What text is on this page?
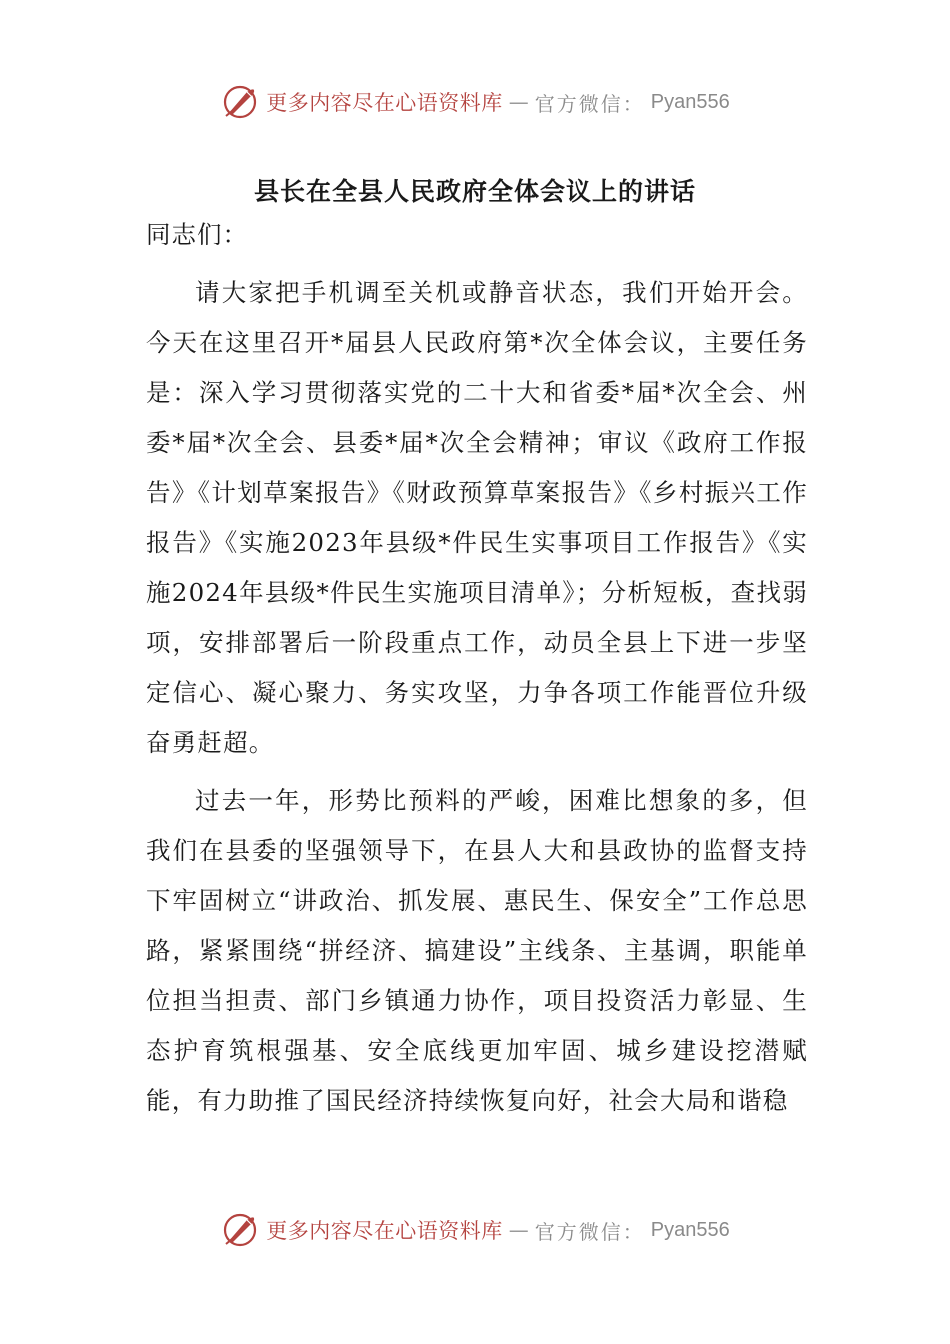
更多内容尽在心语资料库 — 官方微信： Pyan556
县长在全县人民政府全体会议上的讲话

同志们：

请大家把手机调至关机或静音状态，我们开始开会。今天在这里召开*届县人民政府第*次全体会议，主要任务是：深入学习贯彻落实党的二十大和省委*届*次全会、州委*届*次全会、县委*届*次全会精神；审议《政府工作报告》《计划草案报告》《财政预算草案报告》《乡村振兴工作报告》《实施2023年县级*件民生实事项目工作报告》《实施2024年县级*件民生实施项目清单》；分析短板，查找弱项，安排部署后一阶段重点工作，动员全县上下进一步坚定信心、凝心聚力、务实攻坚，力争各项工作能晋位升级奋勇赶超。

过去一年，形势比预料的严峻，困难比想象的多，但我们在县委的坚强领导下，在县人大和县政协的监督支持下牢固树立“讲政治、抓发展、惠民生、保安全”工作总思路，紧紧围绕“拼经济、搞建设”主线条、主基调，职能单位担当担责、部门乡镇通力协作，项目投资活力彰显、生态护育筑根强基、安全底线更加牢固、城乡建设挖潜赋能，有力助推了国民经济持续恢复向好，社会大局和谐稳

更多内容尽在心语资料库 — 官方微信： Pyan556
